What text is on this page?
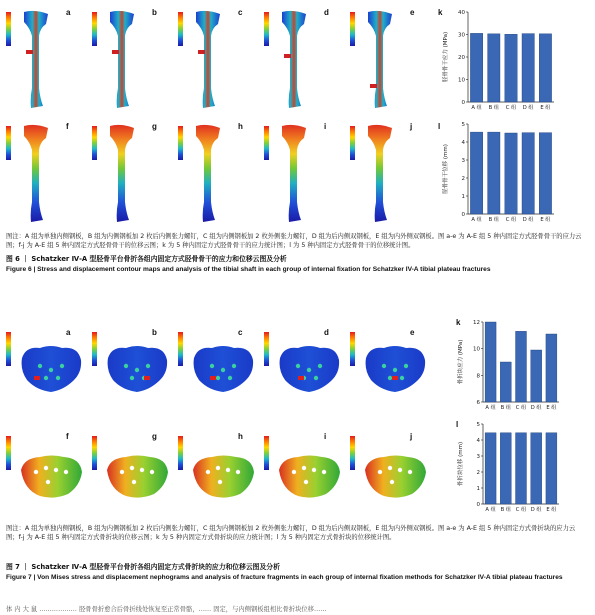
a	b	c	d	e
f	g	h	i	j
k
l
0
10
20
30
40
A 组 B 组 C 组 D 组 E 组
胫骨骨干应力 (MPa)
0
1
2
3
4
5
A 组 B 组 C 组 D 组 E 组
胫骨骨干位移 (mm)
图注：A 组为单独内侧钢板，B 组为内侧钢板加 2 枚后内侧张力螺钉，C 组为内侧钢板加 2 枚外侧张力螺钉，D 组为后内侧双钢板，E 组为内外侧双钢板。图 a-e 为 A-E 组 5 种内固定方式胫骨骨干的应力云图；f-j 为 A-E 组 5 种内固定方式胫骨骨干的位移云图；k 为 5 种内固定方式胫骨骨干的应力统计图；l 为 5 种内固定方式胫骨骨干的位移统计图。
图 6 ｜ Schatzker Ⅳ-A 型胫骨平台骨折各组内固定方式胫骨骨干的应力和位移云图及分析
Figure 6 | Stress and displacement contour maps and analysis of the tibial shaft in each group of internal fixation for Schatzker IV-A tibial plateau fractures
a	b	c	d	e
f	g	h	i	j
k
l
6
8
10
12
A 组 B 组 C 组 D 组 E 组
骨折块应力 (MPa)
0
1
2
3
4
5
A 组 B 组 C 组 D 组 E 组
骨折块位移 (mm)
图注：A 组为单独内侧钢板，B 组为内侧钢板加 2 枚后内侧张力螺钉，C 组为内侧钢板加 2 枚外侧张力螺钉，D 组为后内侧双钢板，E 组为内外侧双钢板。图 a-e 为 A-E 组 5 种内固定方式骨折块的应力云图；f-j 为 A-E 组 5 种内固定方式骨折块的位移云图；k 为 5 种内固定方式骨折块的应力统计图；l 为 5 种内固定方式骨折块的位移统计图。
图 7 ｜ Schatzker Ⅳ-A 型胫骨平台骨折各组内固定方式骨折块的应力和位移云图及分析
Figure 7 | Von Mises stress and displacement nephograms and analysis of fracture fragments in each group of internal fixation methods for Schatzker IV-A tibial plateau fractures
体 内 大 鼠 ……………… 胫骨骨折愈合后骨折线处恢复至正常骨骼，…… 固定，与内侧钢板组相比骨折块位移……
